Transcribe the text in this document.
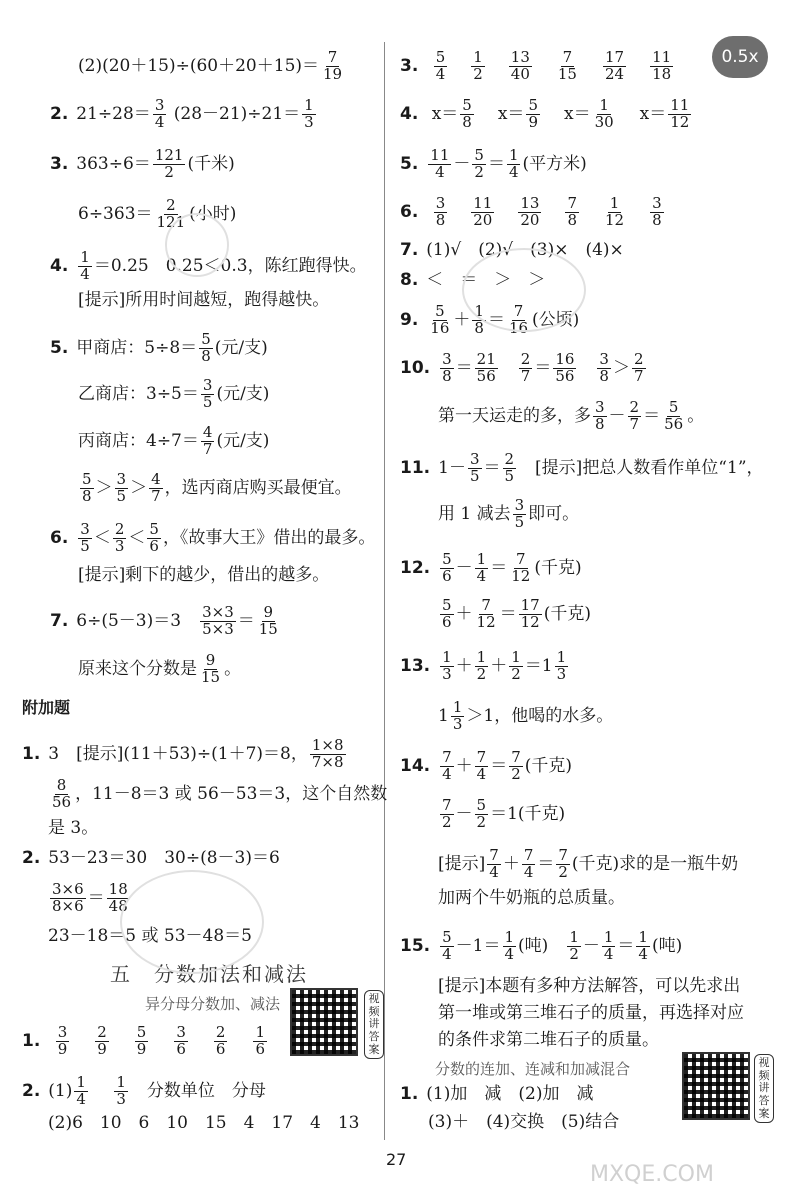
0.5x
$(2)(20+15)\div(60+20+15)= \frac{7}{19}$
2. $21\div 28= \frac{3}{4} (28-21)\div 21= \frac{1}{3}$
3. $363\div 6= \frac{121}{2}$ (千米)
$6\div 363= \frac{2}{121}$ (小时)
4. $\frac{1}{4} =0.25$　0.25＜0.3，陈红跑得快。
[提示]所用时间越短，跑得越快。
5. 甲商店：$5\div 8= \frac{5}{8}$ (元/支)
乙商店：$3\div 5= \frac{3}{5}$ (元/支)
丙商店：$4\div 7= \frac{4}{7}$ (元/支)
$\frac{5}{8} > \frac{3}{5} > \frac{4}{7}$ ，选丙商店购买最便宜。
6. $\frac{3}{5} < \frac{2}{3} < \frac{5}{6}$ ，《故事大王》借出的最多。
[提示]剩下的越少，借出的越多。
7. 6÷(5－3)＝3　 $\frac{3\times 3}{5\times 3} = \frac{9}{15}$
原来这个分数是 $\frac{9}{15}$ 。
附加题
1. 3　[提示](11＋53)÷(1＋7)＝8， $\frac{1\times 8}{7\times 8}$
$\frac{8}{56}$ ，11－8＝3 或 56－53＝3，这个自然数
是 3。
2. 53－23＝30　30÷(8－3)＝6
$\frac{3\times 6}{8\times 6} = \frac{18}{48}$
23－18＝5 或 53－48＝5
五　分数加法和减法
异分母分数加、减法	视频讲答案
1. $\frac{3}{9} \frac{2}{9} \frac{5}{9} \frac{3}{6} \frac{2}{6} \frac{1}{6}$
2. $(1) \frac{1}{4}$
　 $\frac{1}{3}$
　 分数单位　分母
(2)6　10　6　10　15　4　17　4　13
3. $\frac{5}{4} \frac{1}{2} \frac{13}{40} \frac{7}{15} \frac{17}{24} \frac{11}{18}$
4. $x= \frac{5}{8} x= \frac{5}{9} x= \frac{1}{30} x= \frac{11}{12}$
5. $\frac{11}{4} - \frac{5}{2} = \frac{1}{4}$ (平方米)
6. $\frac{3}{8} \frac{11}{20} \frac{13}{20} \frac{7}{8} \frac{1}{12} \frac{3}{8}$
7. (1)√　(2)√　(3)×　(4)×
8. ＜　＝　＞　＞
9. $\frac{5}{16} + \frac{1}{8} = \frac{7}{16}$ (公顷)
10. $\frac{3}{8} = \frac{21}{56}$
　 $\frac{2}{7} = \frac{16}{56}$
　 $\frac{3}{8} > \frac{2}{7}$
第一天运走的多，多 $\frac{3}{8} - \frac{2}{7} = \frac{5}{56}$ 。
11. $1- \frac{3}{5} = \frac{2}{5}$
　 [提示]把总人数看作单位“1”，
用 1 减去 $\frac{3}{5}$ 即可。
12. $\frac{5}{6} - \frac{1}{4} = \frac{7}{12}$ (千克)
$\frac{5}{6} + \frac{7}{12} = \frac{17}{12}$ (千克)
13. $\frac{1}{3} + \frac{1}{2} + \frac{1}{2} =1 \frac{1}{3}$
$1 \frac{1}{3} >1$，他喝的水多。
14. $\frac{7}{4} + \frac{7}{4} = \frac{7}{2}$ (千克)
$\frac{7}{2} - \frac{5}{2} =1$(千克)
[提示] $\frac{7}{4} + \frac{7}{4} = \frac{7}{2}$ (千克)求的是一瓶牛奶
加两个牛奶瓶的总质量。
15. $\frac{5}{4} -1= \frac{1}{4}$ (吨)　 $\frac{1}{2} - \frac{1}{4} = \frac{1}{4}$ (吨)
[提示]本题有多种方法解答，可以先求出
第一堆或第三堆石子的质量，再选择对应
的条件求第二堆石子的质量。
分数的连加、连减和加减混合	视频讲答案
1. (1)加　减　(2)加　减
(3)＋　(4)交换　(5)结合
27
MXQE.COM
